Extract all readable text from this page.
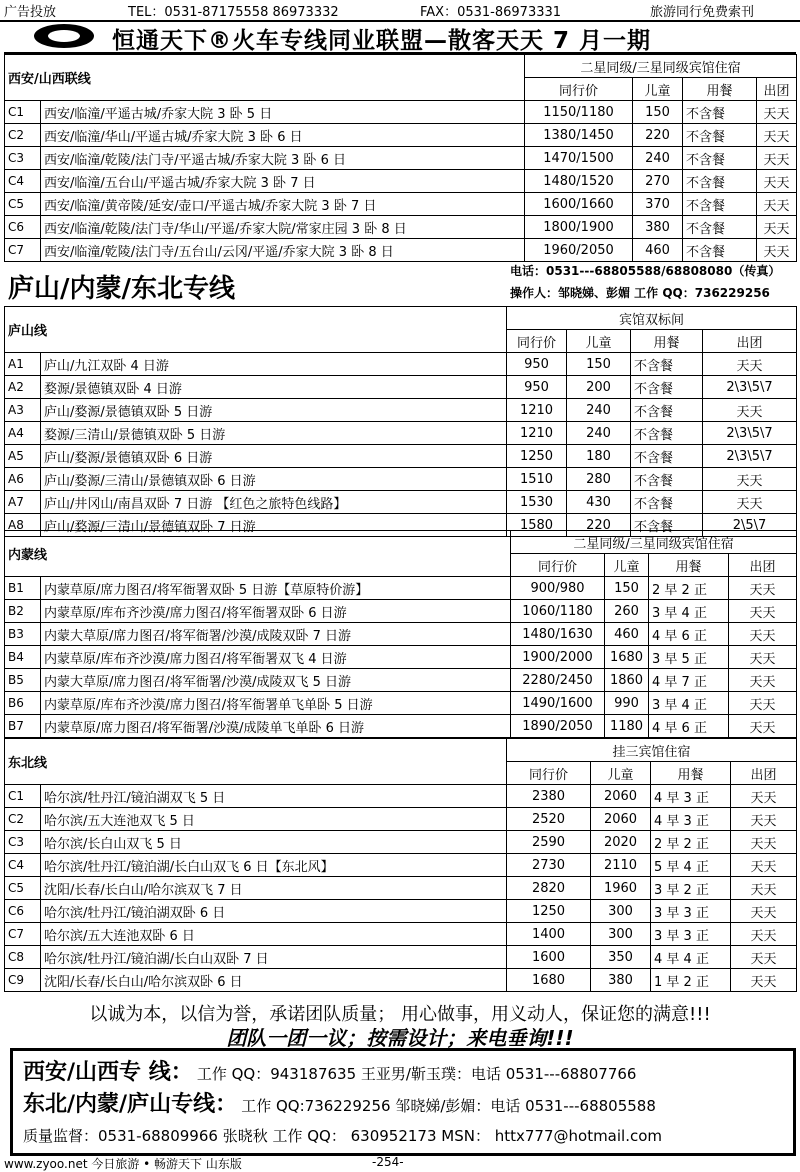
广告投放	TEL：0531-87175558 86973332	FAX：0531-86973331	旅游同行免费索刊
恒通天下®火车专线同业联盟—散客天天 7 月一期
西安/山西联线		二星同级/三星同级宾馆住宿			
		同行价	儿童	用餐	出团
C1	西安/临潼/平遥古城/乔家大院 3 卧 5 日	1150/1180	150	不含餐	天天
C2	西安/临潼/华山/平遥古城/乔家大院 3 卧 6 日	1380/1450	220	不含餐	天天
C3	西安/临潼/乾陵/法门寺/平遥古城/乔家大院 3 卧 6 日	1470/1500	240	不含餐	天天
C4	西安/临潼/五台山/平遥古城/乔家大院 3 卧 7 日	1480/1520	270	不含餐	天天
C5	西安/临潼/黄帝陵/延安/壶口/平遥古城/乔家大院 3 卧 7 日	1600/1660	370	不含餐	天天
C6	西安/临潼/乾陵/法门寺/华山/平遥/乔家大院/常家庄园 3 卧 8 日	1800/1900	380	不含餐	天天
C7	西安/临潼/乾陵/法门寺/五台山/云冈/平遥/乔家大院 3 卧 8 日	1960/2050	460	不含餐	天天
庐山/内蒙/东北专线
电话：0531---68805588/68808080（传真）
操作人：邹晓娣、彭媚 工作 QQ：736229256
庐山线		宾馆双标间			
		同行价	儿童	用餐	出团
A1	庐山/九江双卧 4 日游	950	150	不含餐	天天
A2	婺源/景德镇双卧 4 日游	950	200	不含餐	2\3\5\7
A3	庐山/婺源/景德镇双卧 5 日游	1210	240	不含餐	天天
A4	婺源/三清山/景德镇双卧 5 日游	1210	240	不含餐	2\3\5\7
A5	庐山/婺源/景德镇双卧 6 日游	1250	180	不含餐	2\3\5\7
A6	庐山/婺源/三清山/景德镇双卧 6 日游	1510	280	不含餐	天天
A7	庐山/井冈山/南昌双卧 7 日游 【红色之旅特色线路】	1530	430	不含餐	天天
A8	庐山/婺源/三清山/景德镇双卧 7 日游	1580	220	不含餐	2\5\7
内蒙线		二星同级/三星同级宾馆住宿			
		同行价	儿童	用餐	出团
B1	内蒙草原/席力图召/将军衙署双卧 5 日游【草原特价游】	900/980	150	2 早 2 正	天天
B2	内蒙草原/库布齐沙漠/席力图召/将军衙署双卧 6 日游	1060/1180	260	3 早 4 正	天天
B3	内蒙大草原/席力图召/将军衙署/沙漠/成陵双卧 7 日游	1480/1630	460	4 早 6 正	天天
B4	内蒙草原/库布齐沙漠/席力图召/将军衙署双飞 4 日游	1900/2000	1680	3 早 5 正	天天
B5	内蒙大草原/席力图召/将军衙署/沙漠/成陵双飞 5 日游	2280/2450	1860	4 早 7 正	天天
B6	内蒙草原/库布齐沙漠/席力图召/将军衙署单飞单卧 5 日游	1490/1600	990	3 早 4 正	天天
B7	内蒙草原/席力图召/将军衙署/沙漠/成陵单飞单卧 6 日游	1890/2050	1180	4 早 6 正	天天
东北线		挂三宾馆住宿			
		同行价	儿童	用餐	出团
C1	哈尔滨/牡丹江/镜泊湖双飞 5 日	2380	2060	4 早 3 正	天天
C2	哈尔滨/五大连池双飞 5 日	2520	2060	4 早 3 正	天天
C3	哈尔滨/长白山双飞 5 日	2590	2020	2 早 2 正	天天
C4	哈尔滨/牡丹江/镜泊湖/长白山双飞 6 日【东北风】	2730	2110	5 早 4 正	天天
C5	沈阳/长春/长白山/哈尔滨双飞 7 日	2820	1960	3 早 2 正	天天
C6	哈尔滨/牡丹江/镜泊湖双卧 6 日	1250	300	3 早 3 正	天天
C7	哈尔滨/五大连池双卧 6 日	1400	300	3 早 3 正	天天
C8	哈尔滨/牡丹江/镜泊湖/长白山双卧 7 日	1600	350	4 早 4 正	天天
C9	沈阳/长春/长白山/哈尔滨双卧 6 日	1680	380	1 早 2 正	天天
以诚为本，以信为誉，承诺团队质量； 用心做事，用义动人，保证您的满意!!!
团队一团一议；按需设计；来电垂询!!!
西安/山西专 线： 工作 QQ：943187635 王亚男/靳玉璞：电话 0531---68807766
东北/内蒙/庐山专线： 工作 QQ:736229256 邹晓娣/彭媚：电话 0531---68805588
质量监督：0531-68809966 张晓秋 工作 QQ： 630952173 MSN： httx777@hotmail.com
www.zyoo.net 今日旅游 • 畅游天下 山东版	-254-
